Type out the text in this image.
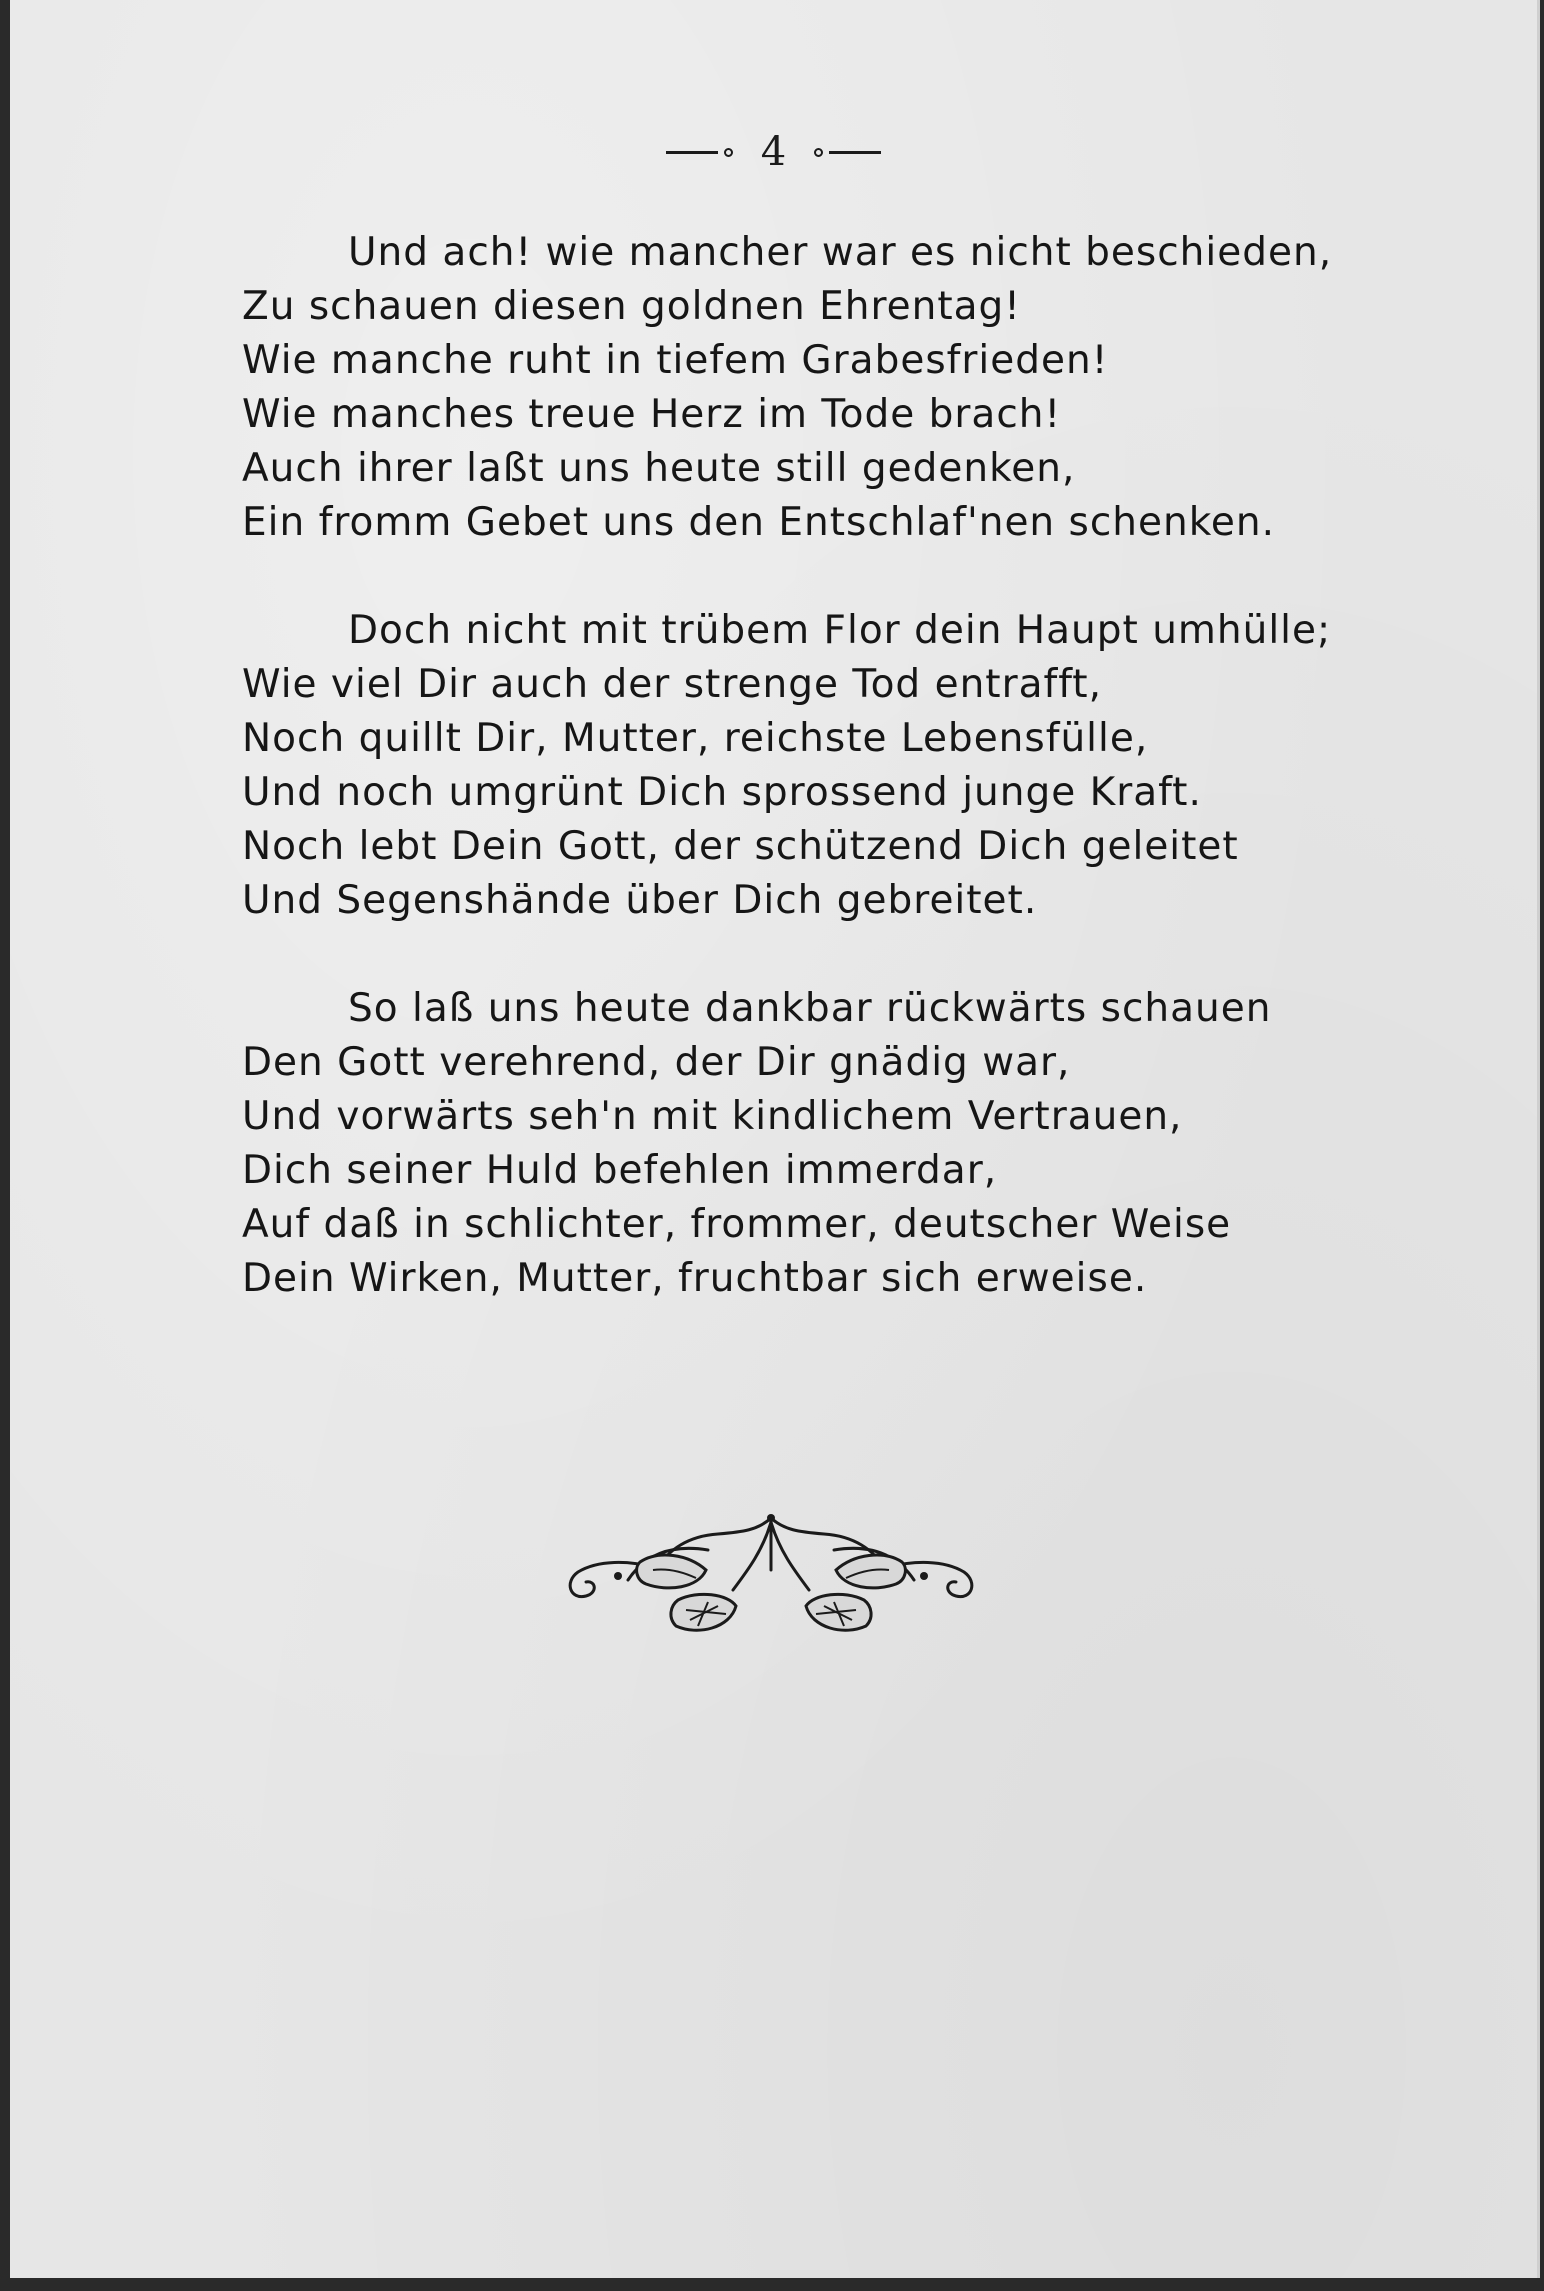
4
Und ach! wie mancher war es nicht beschieden,
Zu schauen diesen goldnen Ehrentag!
Wie manche ruht in tiefem Grabesfrieden!
Wie manches treue Herz im Tode brach!
Auch ihrer laßt uns heute still gedenken,
Ein fromm Gebet uns den Entschlaf'nen schenken.
Doch nicht mit trübem Flor dein Haupt umhülle;
Wie viel Dir auch der strenge Tod entrafft,
Noch quillt Dir, Mutter, reichste Lebensfülle,
Und noch umgrünt Dich sprossend junge Kraft.
Noch lebt Dein Gott, der schützend Dich geleitet
Und Segenshände über Dich gebreitet.
So laß uns heute dankbar rückwärts schauen
Den Gott verehrend, der Dir gnädig war,
Und vorwärts seh'n mit kindlichem Vertrauen,
Dich seiner Huld befehlen immerdar,
Auf daß in schlichter, frommer, deutscher Weise
Dein Wirken, Mutter, fruchtbar sich erweise.
